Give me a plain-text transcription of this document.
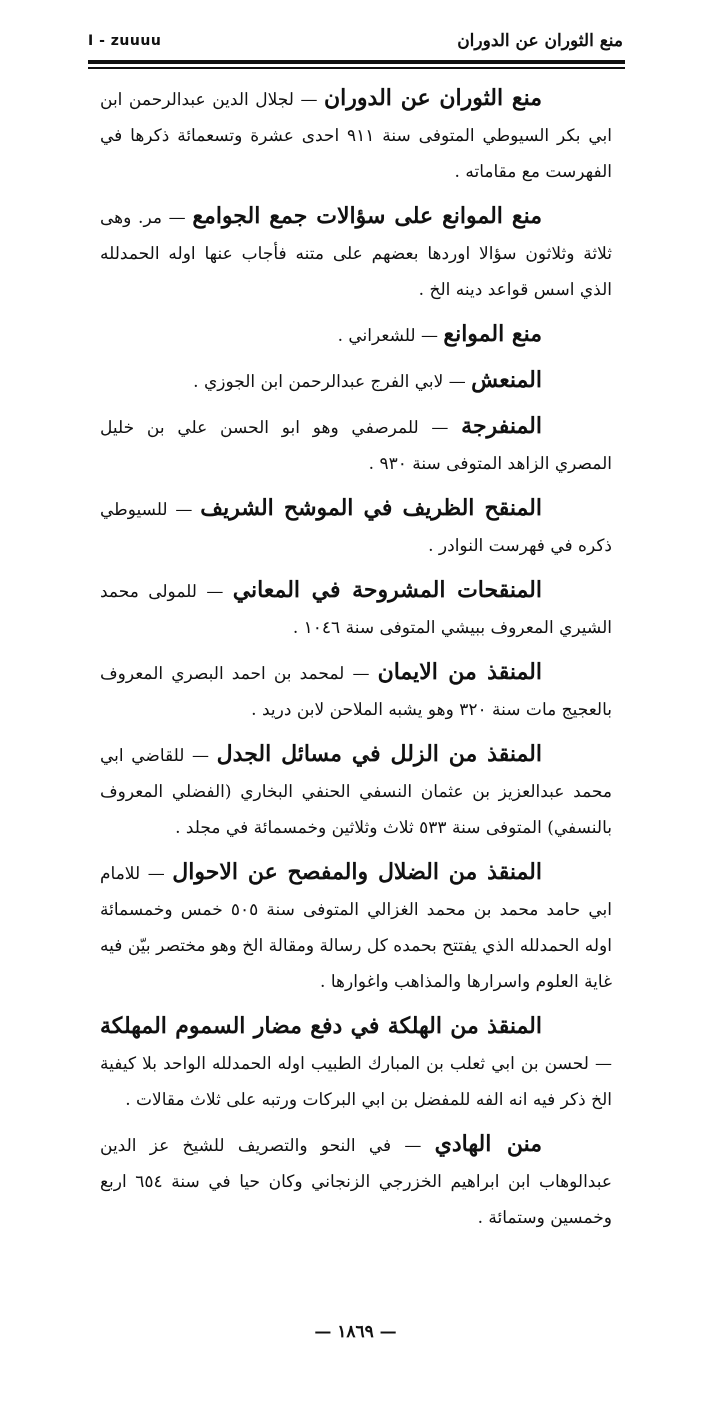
I - zuuuu	منع الثوران عن الدوران

منع الثوران عن الدوران — لجلال الدين عبدالرحمن ابن ابي بكر السيوطي المتوفى سنة ٩١١ احدى عشرة وتسعمائة ذكرها في الفهرست مع مقاماته .

منع الموانع على سؤالات جمع الجوامع — مر. وهى ثلاثة وثلاثون سؤالا اوردها بعضهم على متنه فأجاب عنها اوله الحمدلله الذي اسس قواعد دينه الخ .

منع الموانع — للشعراني .

المنعش — لابي الفرج عبدالرحمن ابن الجوزي .

المنفرجة — للمرصفي وهو ابو الحسن علي بن خليل المصري الزاهد المتوفى سنة ٩٣٠ .

المنقح الظريف في الموشح الشريف — للسيوطي ذكره في فهرست النوادر .

المنقحات المشروحة في المعاني — للمولى محمد الشيري المعروف ببيشي المتوفى سنة ١٠٤٦ .

المنقذ من الايمان — لمحمد بن احمد البصري المعروف بالعجيج مات سنة ٣٢٠ وهو يشبه الملاحن لابن دريد .

المنقذ من الزلل في مسائل الجدل — للقاضي ابي محمد عبدالعزيز بن عثمان النسفي الحنفي البخاري (الفضلي المعروف بالنسفي) المتوفى سنة ٥٣٣ ثلاث وثلاثين وخمسمائة في مجلد .

المنقذ من الضلال والمفصح عن الاحوال — للامام ابي حامد محمد بن محمد الغزالي المتوفى سنة ٥٠٥ خمس وخمسمائة اوله الحمدلله الذي يفتتح بحمده كل رسالة ومقالة الخ وهو مختصر بيّن فيه غاية العلوم واسرارها والمذاهب واغوارها .

المنقذ من الهلكة في دفع مضار السموم المهلكة — لحسن بن ابي ثعلب بن المبارك الطبيب اوله الحمدلله الواحد بلا كيفية الخ ذكر فيه انه الفه للمفضل بن ابي البركات ورتبه على ثلاث مقالات .

منن الهادي — في النحو والتصريف للشيخ عز الدين عبدالوهاب ابن ابراهيم الخزرجي الزنجاني وكان حيا في سنة ٦٥٤ اربع وخمسين وستمائة .

— ١٨٦٩ —
